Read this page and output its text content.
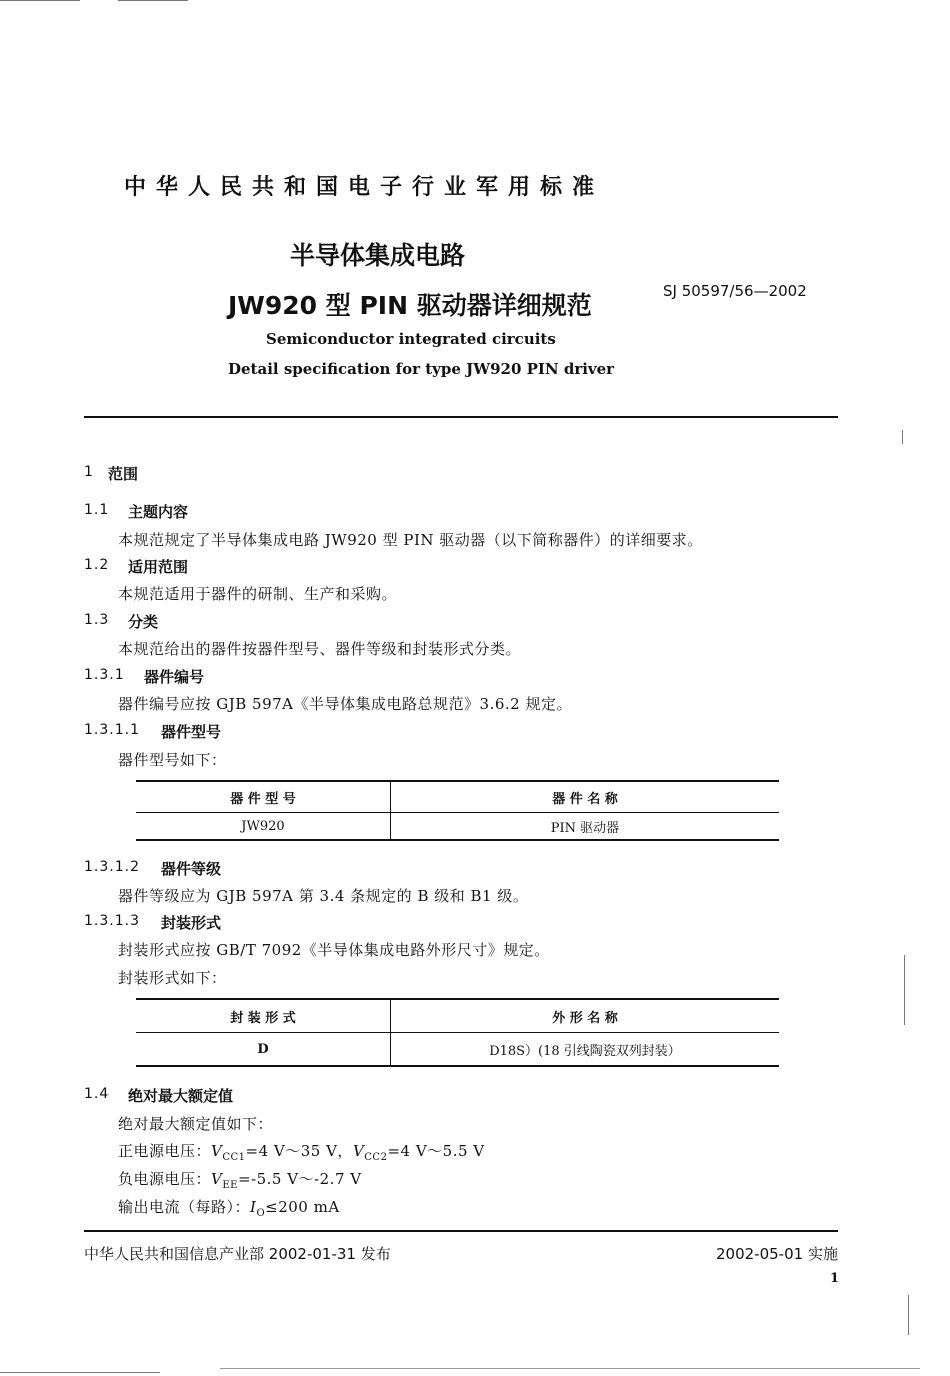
中华人民共和国电子行业军用标准
半导体集成电路
JW920 型 PIN 驱动器详细规范	SJ 50597/56—2002
Semiconductor integrated circuits
Detail specification for type JW920 PIN driver
1 范围
1.1 主题内容
本规范规定了半导体集成电路 JW920 型 PIN 驱动器（以下简称器件）的详细要求。
1.2 适用范围
本规范适用于器件的研制、生产和采购。
1.3 分类
本规范给出的器件按器件型号、器件等级和封装形式分类。
1.3.1 器件编号
器件编号应按 GJB 597A《半导体集成电路总规范》3.6.2 规定。
1.3.1.1 器件型号
器件型号如下：
器 件 型 号	器 件 名 称
JW920	PIN 驱动器
1.3.1.2 器件等级
器件等级应为 GJB 597A 第 3.4 条规定的 B 级和 B1 级。
1.3.1.3 封装形式
封装形式应按 GB/T 7092《半导体集成电路外形尺寸》规定。
封装形式如下：
封 装 形 式	外 形 名 称
D	D18S）(18 引线陶瓷双列封装）
1.4 绝对最大额定值
绝对最大额定值如下：
正电源电压：$V_{CC1}=4$ V～35 V，$V_{CC2}=4$ V～5.5 V
负电源电压：$V_{EE}=-5.5$ V～-2.7 V
输出电流（每路）：$I_O\le 200$ mA
中华人民共和国信息产业部 2002-01-31 发布	2002-05-01 实施
1
